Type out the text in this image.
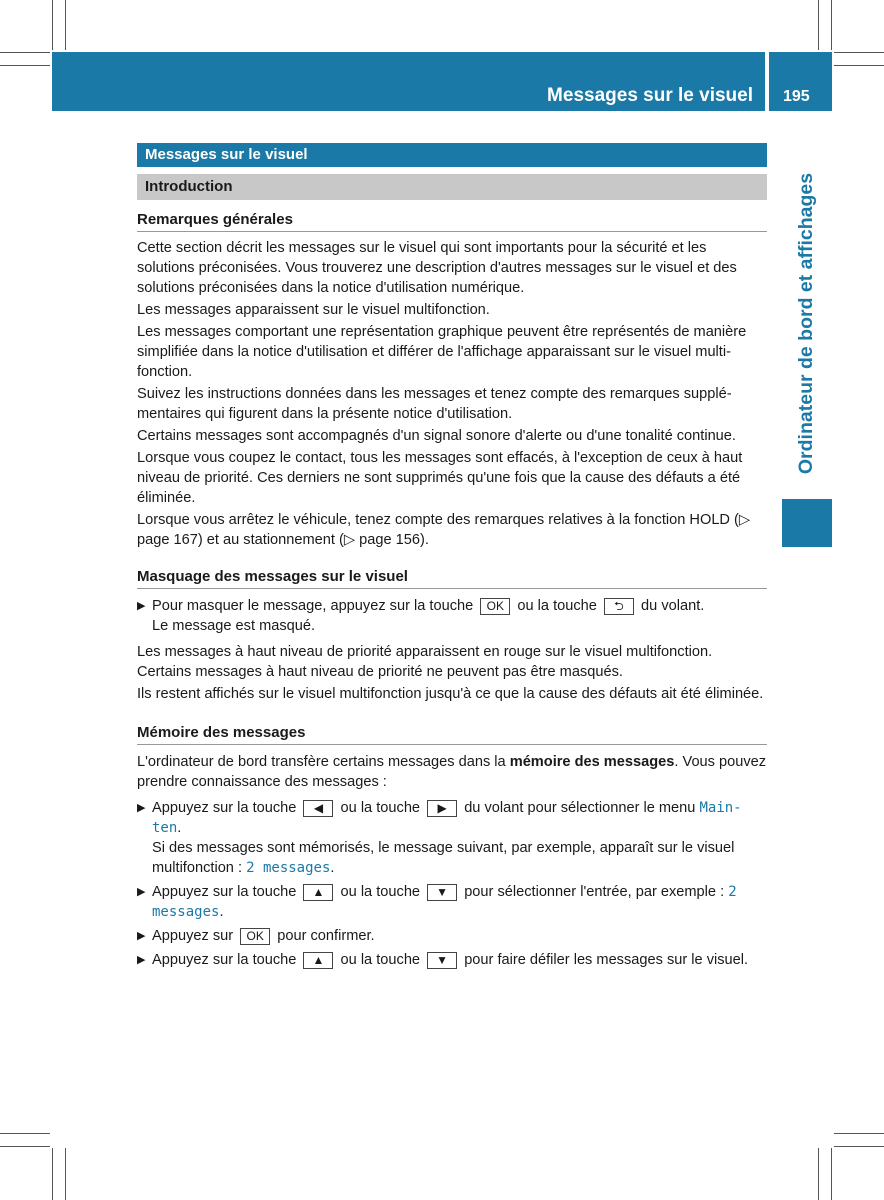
Messages sur le visuel	195
Ordinateur de bord et affichages
Messages sur le visuel
Introduction
Remarques générales

Cette section décrit les messages sur le visuel qui sont importants pour la sécurité et les solutions préconisées. Vous trouverez une description d'autres messages sur le visuel et des solutions préconisées dans la notice d'utilisation numérique.

Les messages apparaissent sur le visuel multifonction.

Les messages comportant une représentation graphique peuvent être représentés de manière simplifiée dans la notice d'utilisation et différer de l'affichage apparaissant sur le visuel multi-fonction.

Suivez les instructions données dans les messages et tenez compte des remarques supplé-mentaires qui figurent dans la présente notice d'utilisation.

Certains messages sont accompagnés d'un signal sonore d'alerte ou d'une tonalité continue.

Lorsque vous coupez le contact, tous les messages sont effacés, à l'exception de ceux à haut niveau de priorité. Ces derniers ne sont supprimés qu'une fois que la cause des défauts a été éliminée.

Lorsque vous arrêtez le véhicule, tenez compte des remarques relatives à la fonction HOLD (▷ page 167) et au stationnement (▷ page 156).

Masquage des messages sur le visuel
▶ Pour masquer le message, appuyez sur la touche OK ou la touche ⮌ du volant.
Le message est masqué.

Les messages à haut niveau de priorité apparaissent en rouge sur le visuel multifonction. Certains messages à haut niveau de priorité ne peuvent pas être masqués.

Ils restent affichés sur le visuel multifonction jusqu'à ce que la cause des défauts ait été éliminée.

Mémoire des messages

L'ordinateur de bord transfère certains messages dans la mémoire des messages. Vous pouvez prendre connaissance des messages :

▶ Appuyez sur la touche ◀ ou la touche ▶ du volant pour sélectionner le menu Main-ten.
Si des messages sont mémorisés, le message suivant, par exemple, apparaît sur le visuel multifonction : 2 messages.
▶ Appuyez sur la touche ▲ ou la touche ▼ pour sélectionner l'entrée, par exemple : 2 messages.
▶ Appuyez sur OK pour confirmer.
▶ Appuyez sur la touche ▲ ou la touche ▼ pour faire défiler les messages sur le visuel.
